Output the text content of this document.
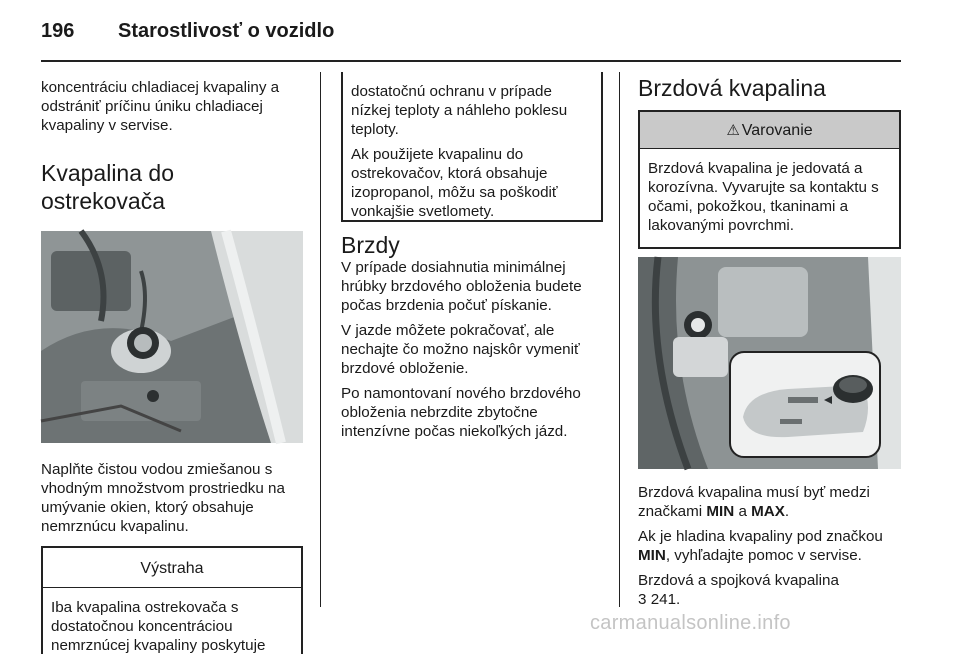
196 Starostlivosť o vozidlo

koncentráciu chladiacej kvapaliny a odstrániť príčinu úniku chladiacej kvapaliny v servise.

Kvapalina do ostrekovača

Naplňte čistou vodou zmiešanou s vhodným množstvom prostriedku na umývanie okien, ktorý obsahuje nemrznúcu kvapalinu.

Výstraha

Iba kvapalina ostrekovača s dostatočnou koncentráciou nemrznúcej kvapaliny poskytuje

dostatočnú ochranu v prípade nízkej teploty a náhleho poklesu teploty.

Ak použijete kvapalinu do ostrekovačov, ktorá obsahuje izopropanol, môžu sa poškodiť vonkajšie svetlomety.

Brzdy

V prípade dosiahnutia minimálnej hrúbky brzdového obloženia budete počas brzdenia počuť pískanie.

V jazde môžete pokračovať, ale nechajte čo možno najskôr vymeniť brzdové obloženie.

Po namontovaní nového brzdového obloženia nebrzdite zbytočne intenzívne počas niekoľkých jázd.

Brzdová kvapalina
⚠ Varovanie

Brzdová kvapalina je jedovatá a korozívna. Vyvarujte sa kontaktu s očami, pokožkou, tkaninami a lakovanými povrchmi.

Brzdová kvapalina musí byť medzi značkami MIN a MAX.

Ak je hladina kvapaliny pod značkou MIN, vyhľadajte pomoc v servise.

Brzdová a spojková kvapalina
3 241.

carmanualsonline.info
